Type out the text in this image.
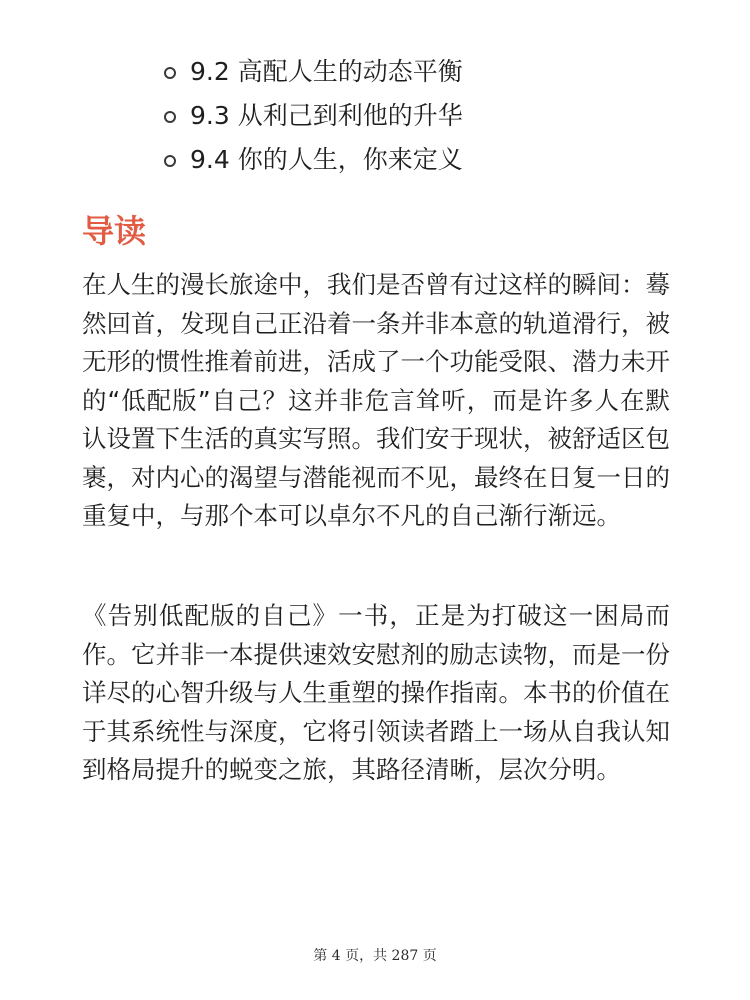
9.2 高配人生的动态平衡
9.3 从利己到利他的升华
9.4 你的人生，你来定义
导读

在人生的漫长旅途中，我们是否曾有过这样的瞬间：蓦然回首，发现自己正沿着一条并非本意的轨道滑行，被无形的惯性推着前进，活成了一个功能受限、潜力未开的“低配版”自己？这并非危言耸听，而是许多人在默认设置下生活的真实写照。我们安于现状，被舒适区包裹，对内心的渴望与潜能视而不见，最终在日复一日的重复中，与那个本可以卓尔不凡的自己渐行渐远。

《告别低配版的自己》一书，正是为打破这一困局而作。它并非一本提供速效安慰剂的励志读物，而是一份详尽的心智升级与人生重塑的操作指南。本书的价值在于其系统性与深度，它将引领读者踏上一场从自我认知到格局提升的蜕变之旅，其路径清晰，层次分明。

第 4 页，共 287 页
